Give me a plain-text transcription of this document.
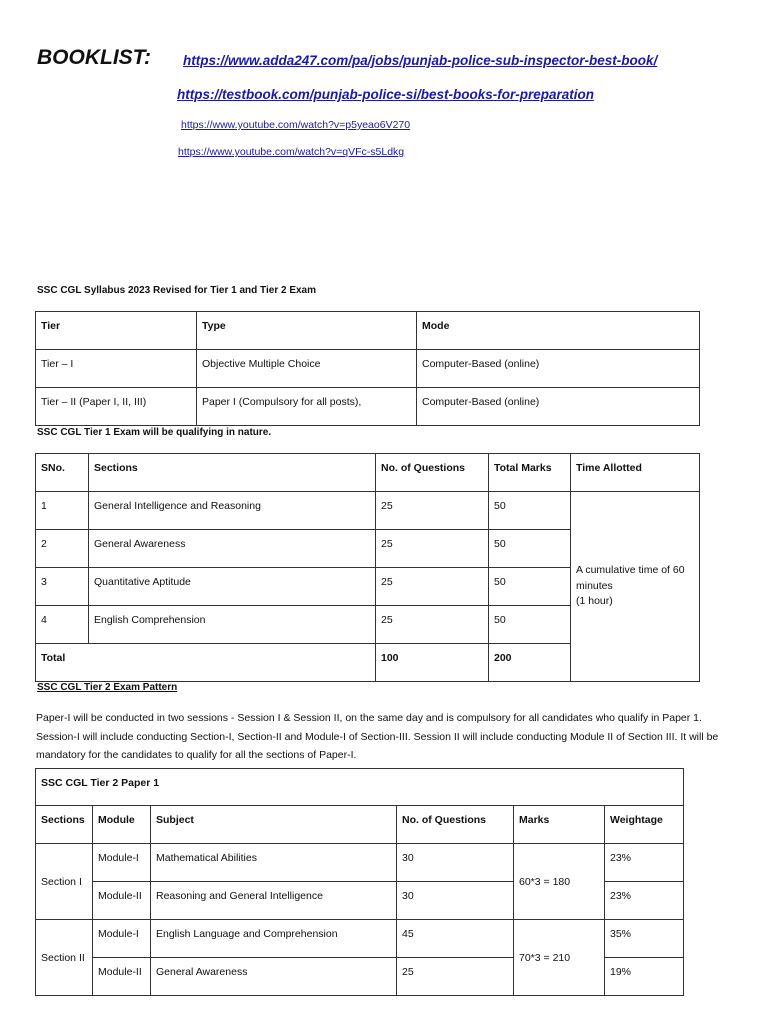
BOOKLIST: https://www.adda247.com/pa/jobs/punjab-police-sub-inspector-best-book/
https://testbook.com/punjab-police-si/best-books-for-preparation
https://www.youtube.com/watch?v=p5yeao6V270
https://www.youtube.com/watch?v=qVFc-s5Ldkg
SSC CGL Syllabus 2023 Revised for Tier 1 and Tier 2 Exam
Tier	Type	Mode
Tier – I	Objective Multiple Choice	Computer-Based (online)
Tier – II (Paper I, II, III)	Paper I (Compulsory for all posts),	Computer-Based (online)
SSC CGL Tier 1 Exam will be qualifying in nature.
SNo.	Sections	No. of Questions	Total Marks	Time Allotted
1	General Intelligence and Reasoning	25	50	A cumulative time of 60
minutes
(1 hour)

2	General Awareness	25	50	
3	Quantitative Aptitude	25	50	
4	English Comprehension	25	50	
Total		100	200	
SSC CGL Tier 2 Exam Pattern
Paper-I will be conducted in two sessions - Session I & Session II, on the same day and is compulsory for all candidates who qualify in Paper 1. Session-I will include conducting Section-I, Section-II and Module-I of Section-III. Session II will include conducting Module II of Section III. It will be mandatory for the candidates to qualify for all the sections of Paper-I.
SSC CGL Tier 2 Paper 1					
Sections	Module	Subject	No. of Questions	Marks	Weightage
Section I	Module-I	Mathematical Abilities	30	60*3 = 180	23%
	Module-II	Reasoning and General Intelligence	30		23%
Section II	Module-I	English Language and Comprehension	45	70*3 = 210	35%
	Module-II	General Awareness	25		19%
